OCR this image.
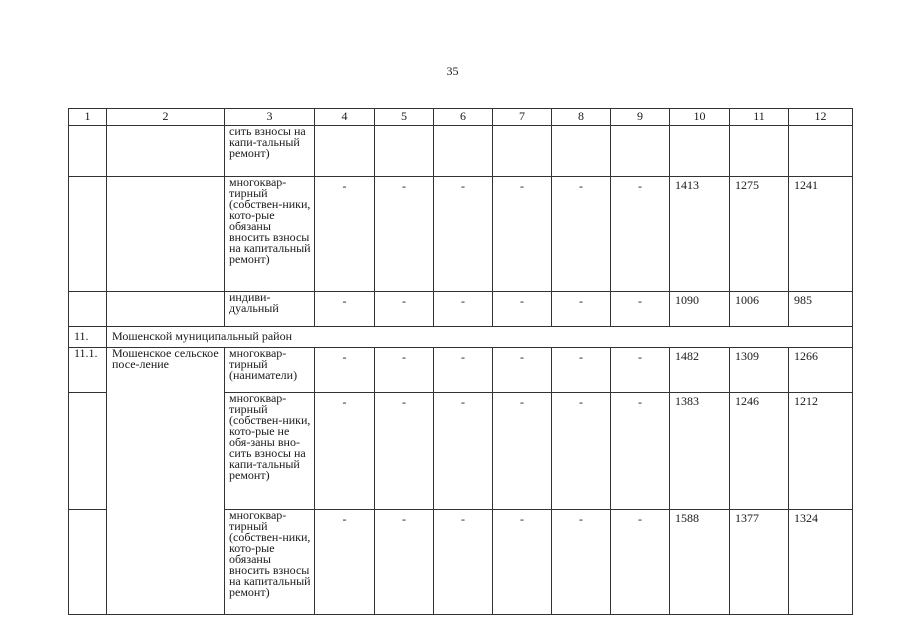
35
1	2	3	4	5	6	7	8	9	10	11	12
		сить взносы на капи-тальный ремонт)									
		многоквар-тирный (собствен-ники, кото-рые обязаны вносить взносы на капитальный ремонт)	-	-	-	-	-	-	1413	1275	1241
		индиви-дуальный	-	-	-	-	-	-	1090	1006	985
11.	Мошенской муниципальный район										
11.1.	Мошенское сельское посе-ление	многоквар-тирный (наниматели)	-	-	-	-	-	-	1482	1309	1266
		многоквар-тирный (собствен-ники, кото-рые не обя-заны вно-сить взносы на капи-тальный ремонт)	-	-	-	-	-	-	1383	1246	1212
		многоквар-тирный (собствен-ники, кото-рые обязаны вносить взносы на капитальный ремонт)	-	-	-	-	-	-	1588	1377	1324
